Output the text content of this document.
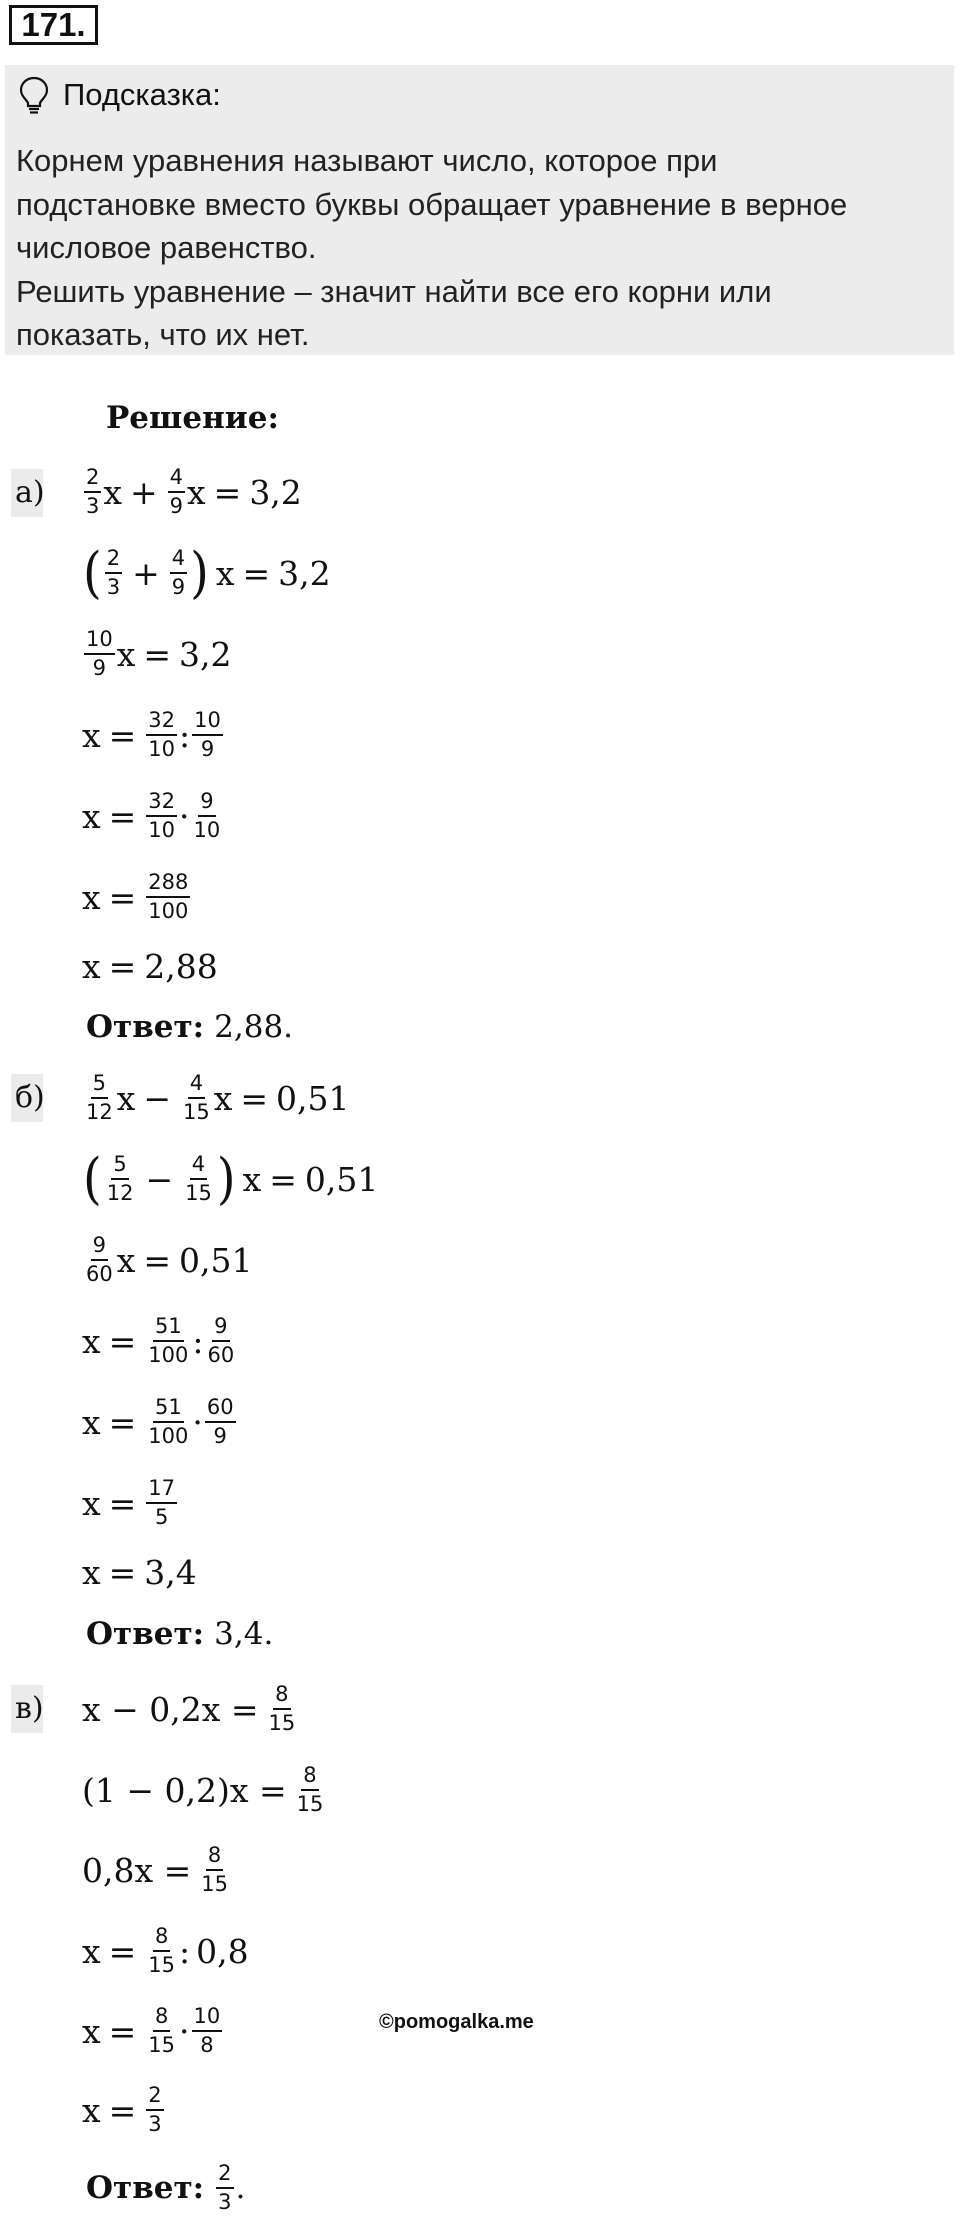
171.
Подсказка:

Корнем уравнения называют число, которое при

подстановке вместо буквы обращает уравнение в верное

числовое равенство.

Решить уравнение – значит найти все его корни или

показать, что их нет.

Решение:
$а) \frac{2}{3}$ $x + \frac{4}{9}$ x = 3,2
( $\frac{2}{3} + \frac{4}{9}$ ) x = 3,2
$\frac{10}{9}$ x = 3,2
$x = \frac{32}{10}$ : $\frac{10}{9}$
$x = \frac{32}{10} \cdot \frac{9}{10}$
$x = \frac{288}{100}$
x = 2,88
Ответ: 2,88.
$б) \frac{5}{12}$ $x - \frac{4}{15}$ x = 0,51
( $\frac{5}{12} - \frac{4}{15}$ ) x = 0,51
$\frac{9}{60}$ x = 0,51
$x = \frac{51}{100}$ : $\frac{9}{60}$
$x = \frac{51}{100} \cdot \frac{60}{9}$
$x = \frac{17}{5}$
x = 3,4
Ответ: 3,4.
в) $x - 0,2x = \frac{8}{15}$
$(1 - 0,2)x = \frac{8}{15}$
$0,8x = \frac{8}{15}$
$x = \frac{8}{15}$ : 0,8
$x = \frac{8}{15} \cdot \frac{10}{8}$
$x = \frac{2}{3}$
Ответ: $\frac{2}{3}$ .
©pomogalka.me
